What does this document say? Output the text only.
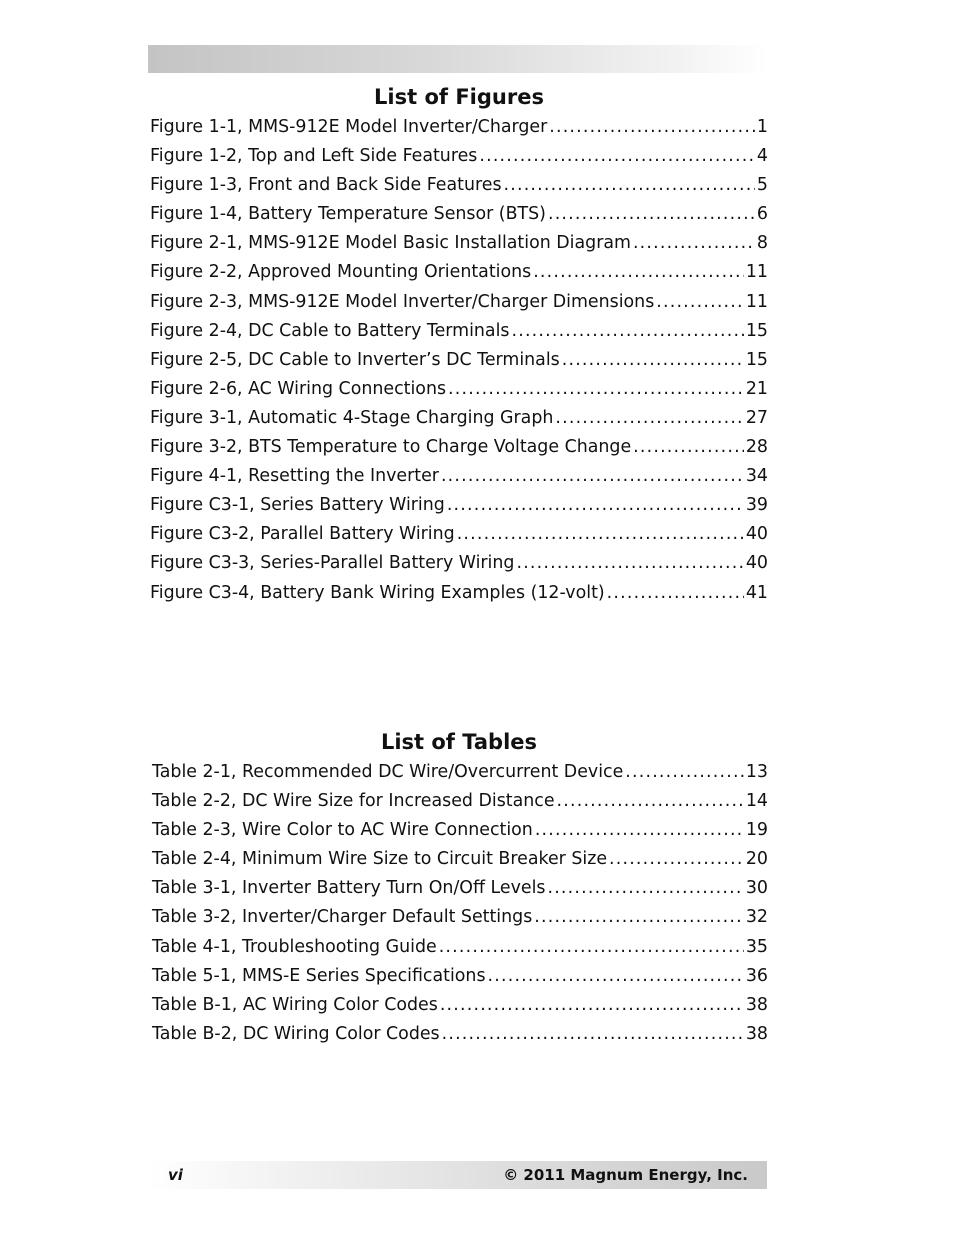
List of Figures
Figure 1-1, MMS-912E Model Inverter/Charger .....	1
Figure 1-2, Top and Left Side Features .....	4
Figure 1-3, Front and Back Side Features .....	5
Figure 1-4, Battery Temperature Sensor (BTS) .....	6
Figure 2-1, MMS-912E Model Basic Installation Diagram .....	8
Figure 2-2, Approved Mounting Orientations .....	11
Figure 2-3, MMS-912E Model Inverter/Charger Dimensions .....	11
Figure 2-4, DC Cable to Battery Terminals .....	15
Figure 2-5, DC Cable to Inverter’s DC Terminals .....	15
Figure 2-6, AC Wiring Connections .....	21
Figure 3-1, Automatic 4-Stage Charging Graph .....	27
Figure 3-2, BTS Temperature to Charge Voltage Change .....	28
Figure 4-1, Resetting the Inverter .....	34
Figure C3-1, Series Battery Wiring .....	39
Figure C3-2, Parallel Battery Wiring .....	40
Figure C3-3, Series-Parallel Battery Wiring .....	40
Figure C3-4, Battery Bank Wiring Examples (12-volt) .....	41
List of Tables
Table 2-1, Recommended DC Wire/Overcurrent Device .....	13
Table 2-2, DC Wire Size for Increased Distance .....	14
Table 2-3, Wire Color to AC Wire Connection .....	19
Table 2-4, Minimum Wire Size to Circuit Breaker Size .....	20
Table 3-1, Inverter Battery Turn On/Off Levels .....	30
Table 3-2, Inverter/Charger Default Settings .....	32
Table 4-1, Troubleshooting Guide .....	35
Table 5-1, MMS-E Series Specifications .....	36
Table B-1, AC Wiring Color Codes .....	38
Table B-2, DC Wiring Color Codes .....	38
vi	© 2011 Magnum Energy, Inc.
